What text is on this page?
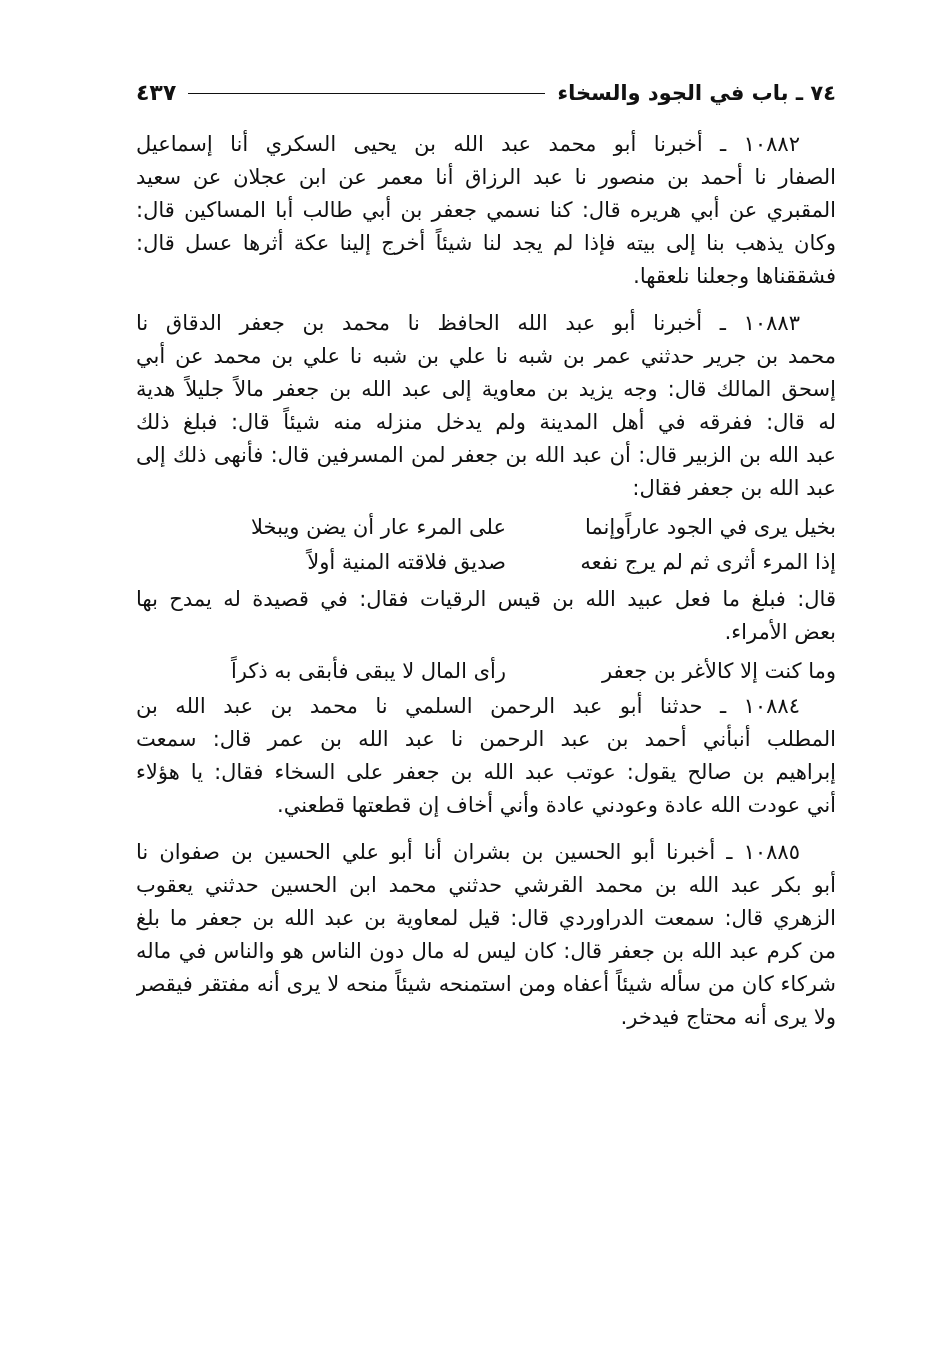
٧٤ ـ باب في الجود والسخاء
٤٣٧
١٠٨٨٢ ـ أخبرنا أبو محمد عبد الله بن يحيى السكري أنا إسماعيل
الصفار نا أحمد بن منصور نا عبد الرزاق أنا معمر عن ابن عجلان عن سعيد
المقبري عن أبي هريره قال: كنا نسمي جعفر بن أبي طالب أبا المساكين قال:
وكان يذهب بنا إلى بيته فإذا لم يجد لنا شيئاً أخرج إلينا عكة أثرها عسل قال:
فشققناها وجعلنا نلعقها.
١٠٨٨٣ ـ أخبرنا أبو عبد الله الحافظ نا محمد بن جعفر الدقاق نا
محمد بن جرير حدثني عمر بن شبه نا علي بن شبه نا علي بن محمد عن أبي
إسحق المالك قال: وجه يزيد بن معاوية إلى عبد الله بن جعفر مالاً جليلاً هدية
له قال: ففرقه في أهل المدينة ولم يدخل منزله منه شيئاً قال: فبلغ ذلك
عبد الله بن الزبير قال: أن عبد الله بن جعفر لمن المسرفين قال: فأنهى ذلك إلى
عبد الله بن جعفر فقال:
بخيل يرى في الجود عاراًوإنما
على المرء عار أن يضن ويبخلا
إذا المرء أثرى ثم لم يرج نفعه
صديق فلاقته المنية أولاً
قال: فبلغ ما فعل عبيد الله بن قيس الرقيات فقال: في قصيدة له يمدح بها
بعض الأمراء.
وما كنت إلا كالأغر بن جعفر
رأى المال لا يبقى فأبقى به ذكراً
١٠٨٨٤ ـ حدثنا أبو عبد الرحمن السلمي نا محمد بن عبد الله بن
المطلب أنبأني أحمد بن عبد الرحمن نا عبد الله بن عمر قال: سمعت
إبراهيم بن صالح يقول: عوتب عبد الله بن جعفر على السخاء فقال: يا هؤلاء
أني عودت الله عادة وعودني عادة وأني أخاف إن قطعتها قطعني.
١٠٨٨٥ ـ أخبرنا أبو الحسين بن بشران أنا أبو علي الحسين بن صفوان نا
أبو بكر عبد الله بن محمد القرشي حدثني محمد ابن الحسين حدثني يعقوب
الزهري قال: سمعت الدراوردي قال: قيل لمعاوية بن عبد الله بن جعفر ما بلغ
من كرم عبد الله بن جعفر قال: كان ليس له مال دون الناس هو والناس في ماله
شركاء كان من سأله شيئاً أعفاه ومن استمنحه شيئاً منحه لا يرى أنه مفتقر فيقصر
ولا يرى أنه محتاج فيدخر.
